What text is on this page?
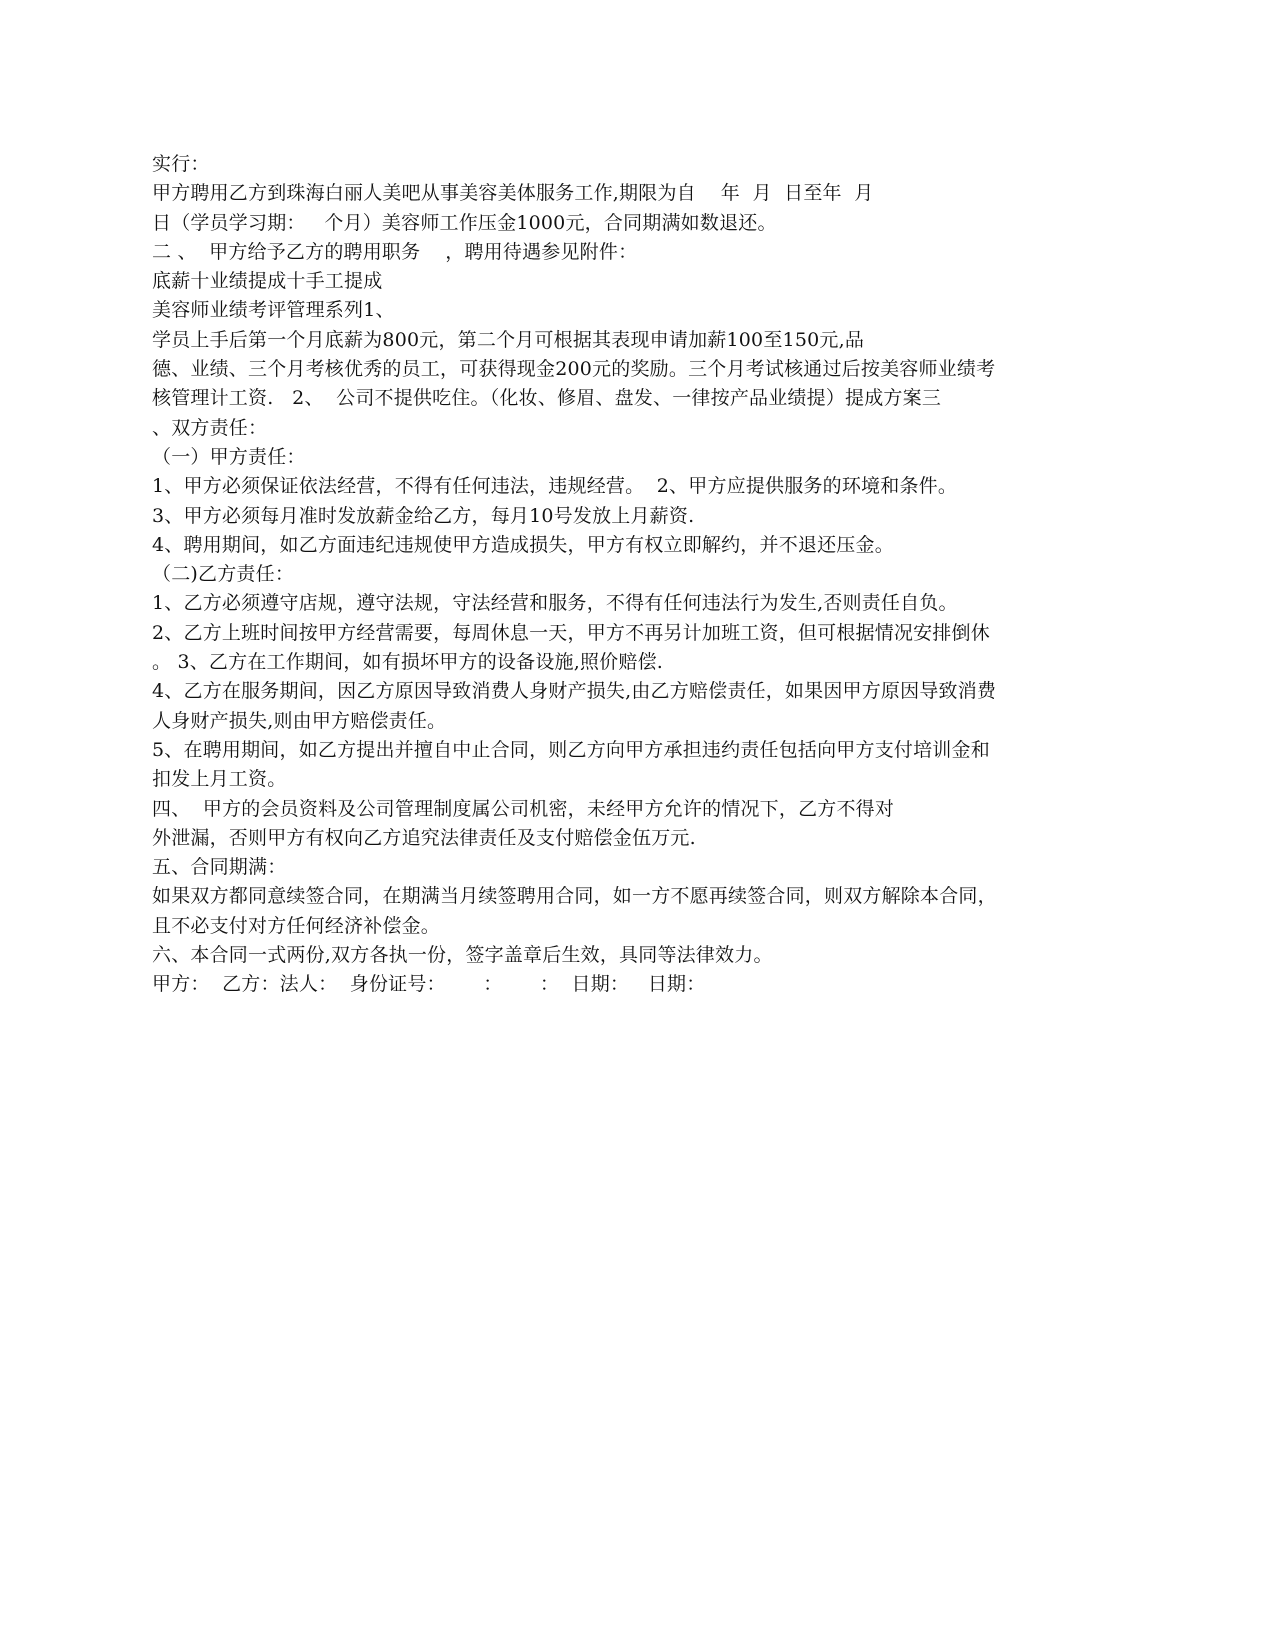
实行：
甲方聘用乙方到珠海白丽人美吧从事美容美体服务工作,期限为自    年  月  日至年  月
日（学员学习期：   个月）美容师工作压金1000元，合同期满如数退还。
二 、  甲方给予乙方的聘用职务    ，聘用待遇参见附件：
底薪十业绩提成十手工提成
美容师业绩考评管理系列1、
学员上手后第一个月底薪为800元，第二个月可根据其表现申请加薪100至150元,品
德、业绩、三个月考核优秀的员工，可获得现金200元的奖励。三个月考试核通过后按美容师业绩考
核管理计工资.   2、  公司不提供吃住。（化妆、修眉、盘发、一律按产品业绩提）提成方案三
、双方责任：
（一）甲方责任：
1、甲方必须保证依法经营，不得有任何违法，违规经营。  2、甲方应提供服务的环境和条件。
3、甲方必须每月准时发放薪金给乙方，每月10号发放上月薪资.
4、聘用期间，如乙方面违纪违规使甲方造成损失，甲方有权立即解约，并不退还压金。
（二)乙方责任：
1、乙方必须遵守店规，遵守法规，守法经营和服务，不得有任何违法行为发生,否则责任自负。
2、乙方上班时间按甲方经营需要，每周休息一天，甲方不再另计加班工资，但可根据情况安排倒休
。 3、乙方在工作期间，如有损坏甲方的设备设施,照价赔偿.
4、乙方在服务期间，因乙方原因导致消费人身财产损失,由乙方赔偿责任，如果因甲方原因导致消费
人身财产损失,则由甲方赔偿责任。
5、在聘用期间，如乙方提出并擅自中止合同，则乙方向甲方承担违约责任包括向甲方支付培训金和
扣发上月工资。
四、  甲方的会员资料及公司管理制度属公司机密，未经甲方允许的情况下，乙方不得对
外泄漏，否则甲方有权向乙方追究法律责任及支付赔偿金伍万元.
五、合同期满：
如果双方都同意续签合同，在期满当月续签聘用合同，如一方不愿再续签合同，则双方解除本合同，
且不必支付对方任何经济补偿金。
六、本合同一式两份,双方各执一份，签字盖章后生效，具同等法律效力。
甲方：  乙方：法人：  身份证号：      ：      ：  日期：   日期：
